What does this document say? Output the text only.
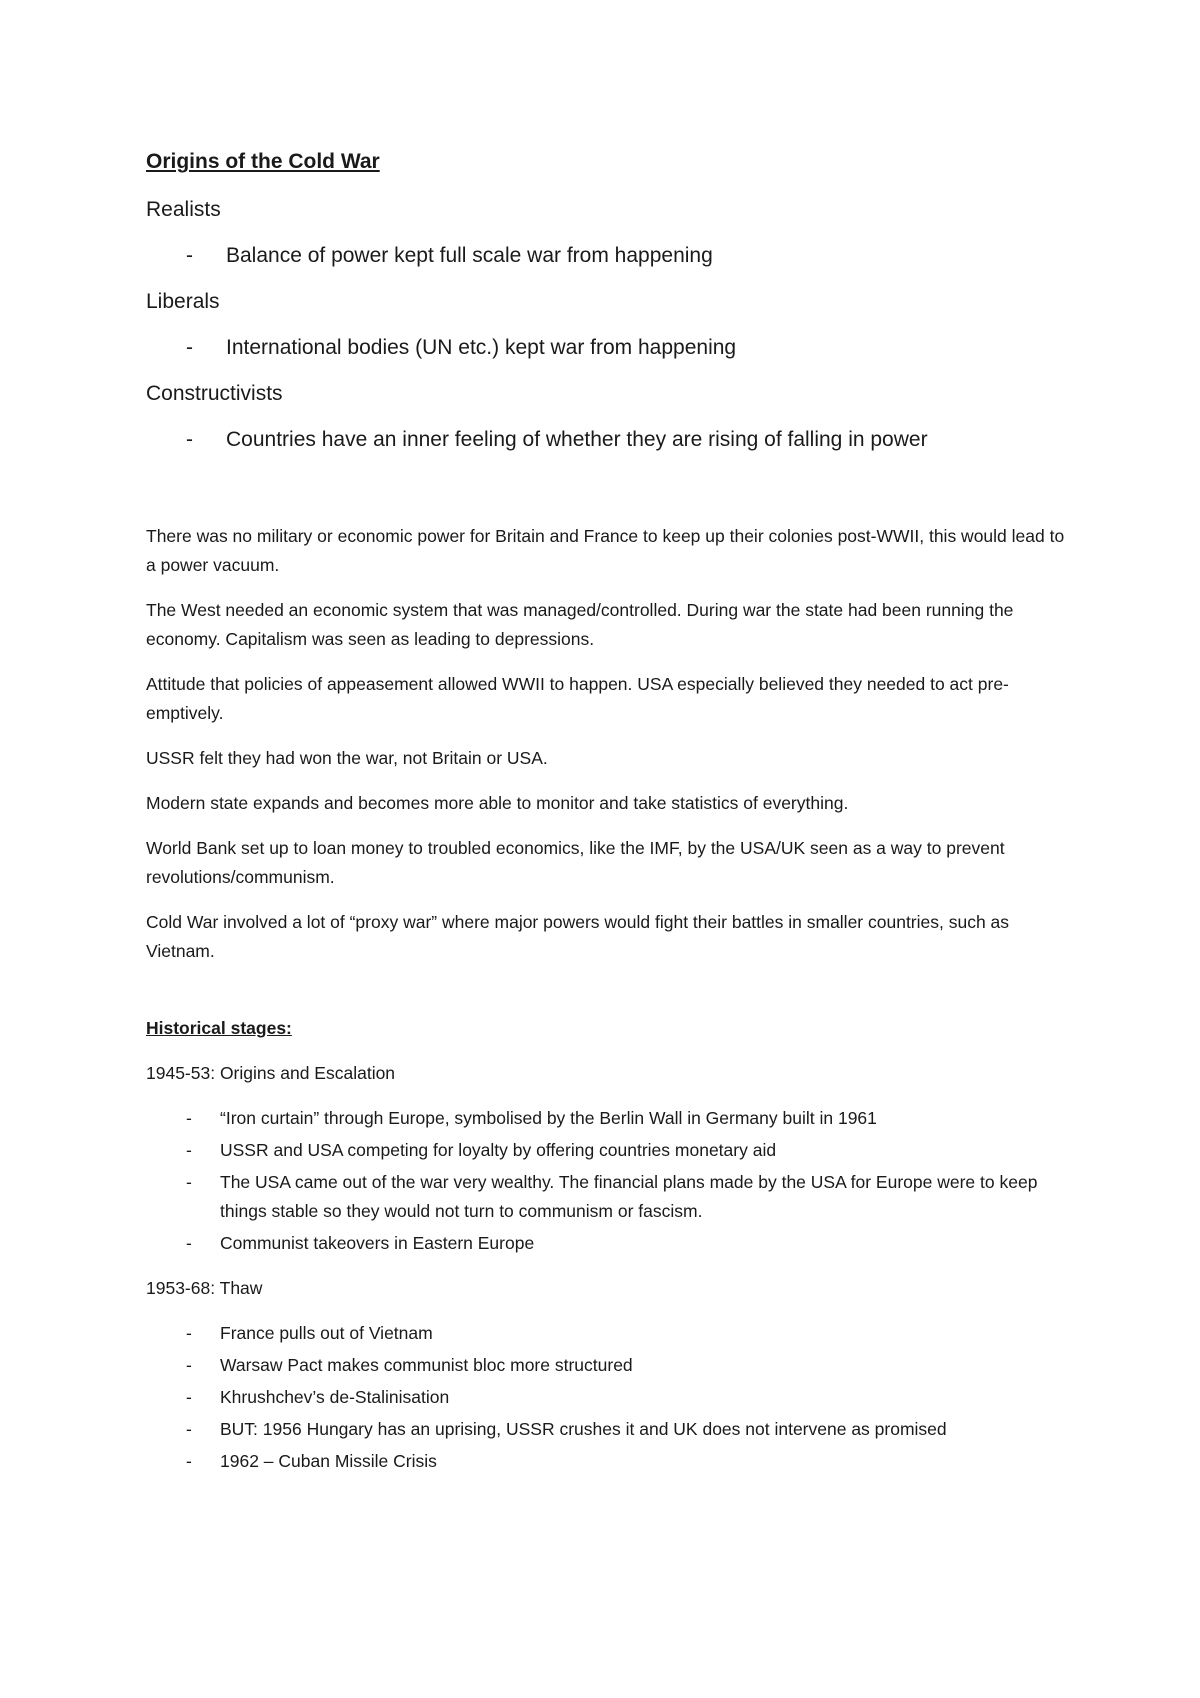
Origins of the Cold War
Realists
-	Balance of power kept full scale war from happening
Liberals
-	International bodies (UN etc.) kept war from happening
Constructivists
-	Countries have an inner feeling of whether they are rising of falling in power

There was no military or economic power for Britain and France to keep up their colonies post-WWII, this would lead to a power vacuum.

The West needed an economic system that was managed/controlled. During war the state had been running the economy. Capitalism was seen as leading to depressions.

Attitude that policies of appeasement allowed WWII to happen. USA especially believed they needed to act pre-emptively.

USSR felt they had won the war, not Britain or USA.

Modern state expands and becomes more able to monitor and take statistics of everything.

World Bank set up to loan money to troubled economics, like the IMF, by the USA/UK seen as a way to prevent revolutions/communism.

Cold War involved a lot of “proxy war” where major powers would fight their battles in smaller countries, such as Vietnam.

Historical stages:
1945-53: Origins and Escalation
-	“Iron curtain” through Europe, symbolised by the Berlin Wall in Germany built in 1961
-	USSR and USA competing for loyalty by offering countries monetary aid
-	The USA came out of the war very wealthy. The financial plans made by the USA for Europe were to keep things stable so they would not turn to communism or fascism.
-	Communist takeovers in Eastern Europe
1953-68: Thaw
-	France pulls out of Vietnam
-	Warsaw Pact makes communist bloc more structured
-	Khrushchev’s de-Stalinisation
-	BUT: 1956 Hungary has an uprising, USSR crushes it and UK does not intervene as promised
-	1962 – Cuban Missile Crisis
